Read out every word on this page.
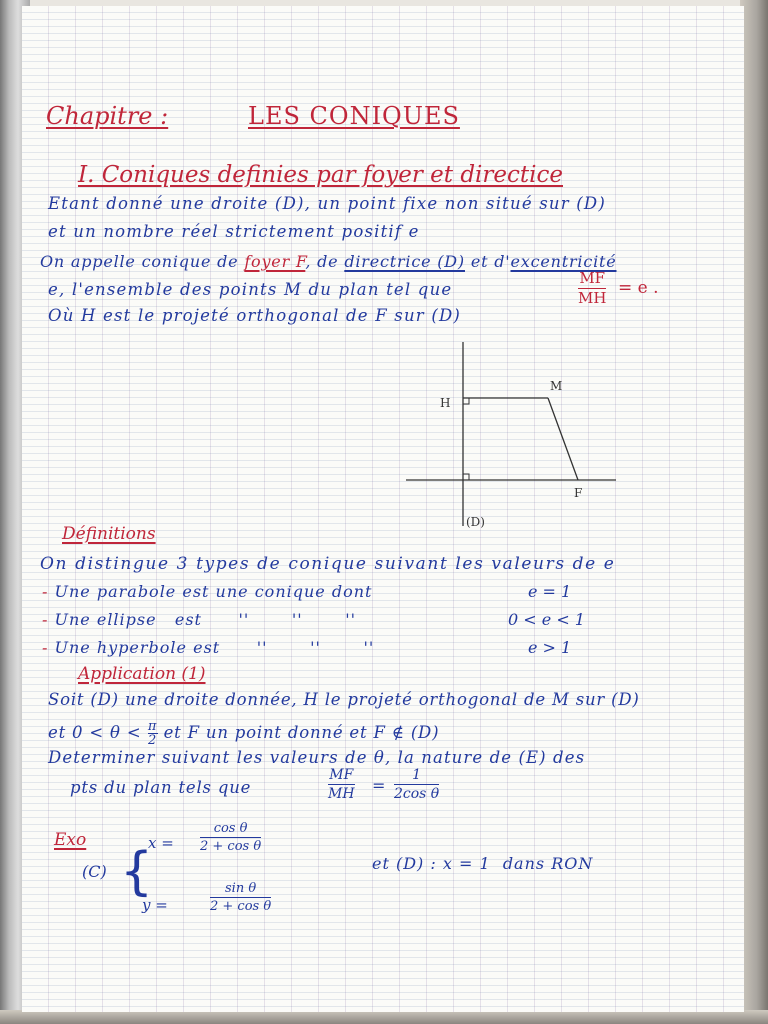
Chapitre :	LES CONIQUES
I. Coniques definies par foyer et directice
Etant donné une droite (D), un point fixe non situé sur (D)
et un nombre réel strictement positif e
On appelle conique de foyer F, de directrice (D) et d'excentricité
e, l'ensemble des points M du plan tel que
MF
MH = e .
Où H est le projeté orthogonal de F sur (D)
H
M
F
(D)
Définitions
On distingue 3 types de conique suivant les valeurs de e
- Une parabole est une conique dont	e = 1
- Une ellipse   est      ''       ''       ''	0 < e < 1
- Une hyperbole est      ''       ''       ''	e > 1
Application (1)
Soit (D) une droite donnée, H le projeté orthogonal de M sur (D)
et $0 < \theta < \frac{\pi}{2}$ et F un point donné et F ∉ (D)
Determiner suivant les valeurs de θ, la nature de (E) des
pts du plan tels que
MF
MH =
1
2cos θ
Exo
(C) {
x =
cos θ
2 + cos θ
y =
sin θ
2 + cos θ
et (D) : x = 1  dans RON
